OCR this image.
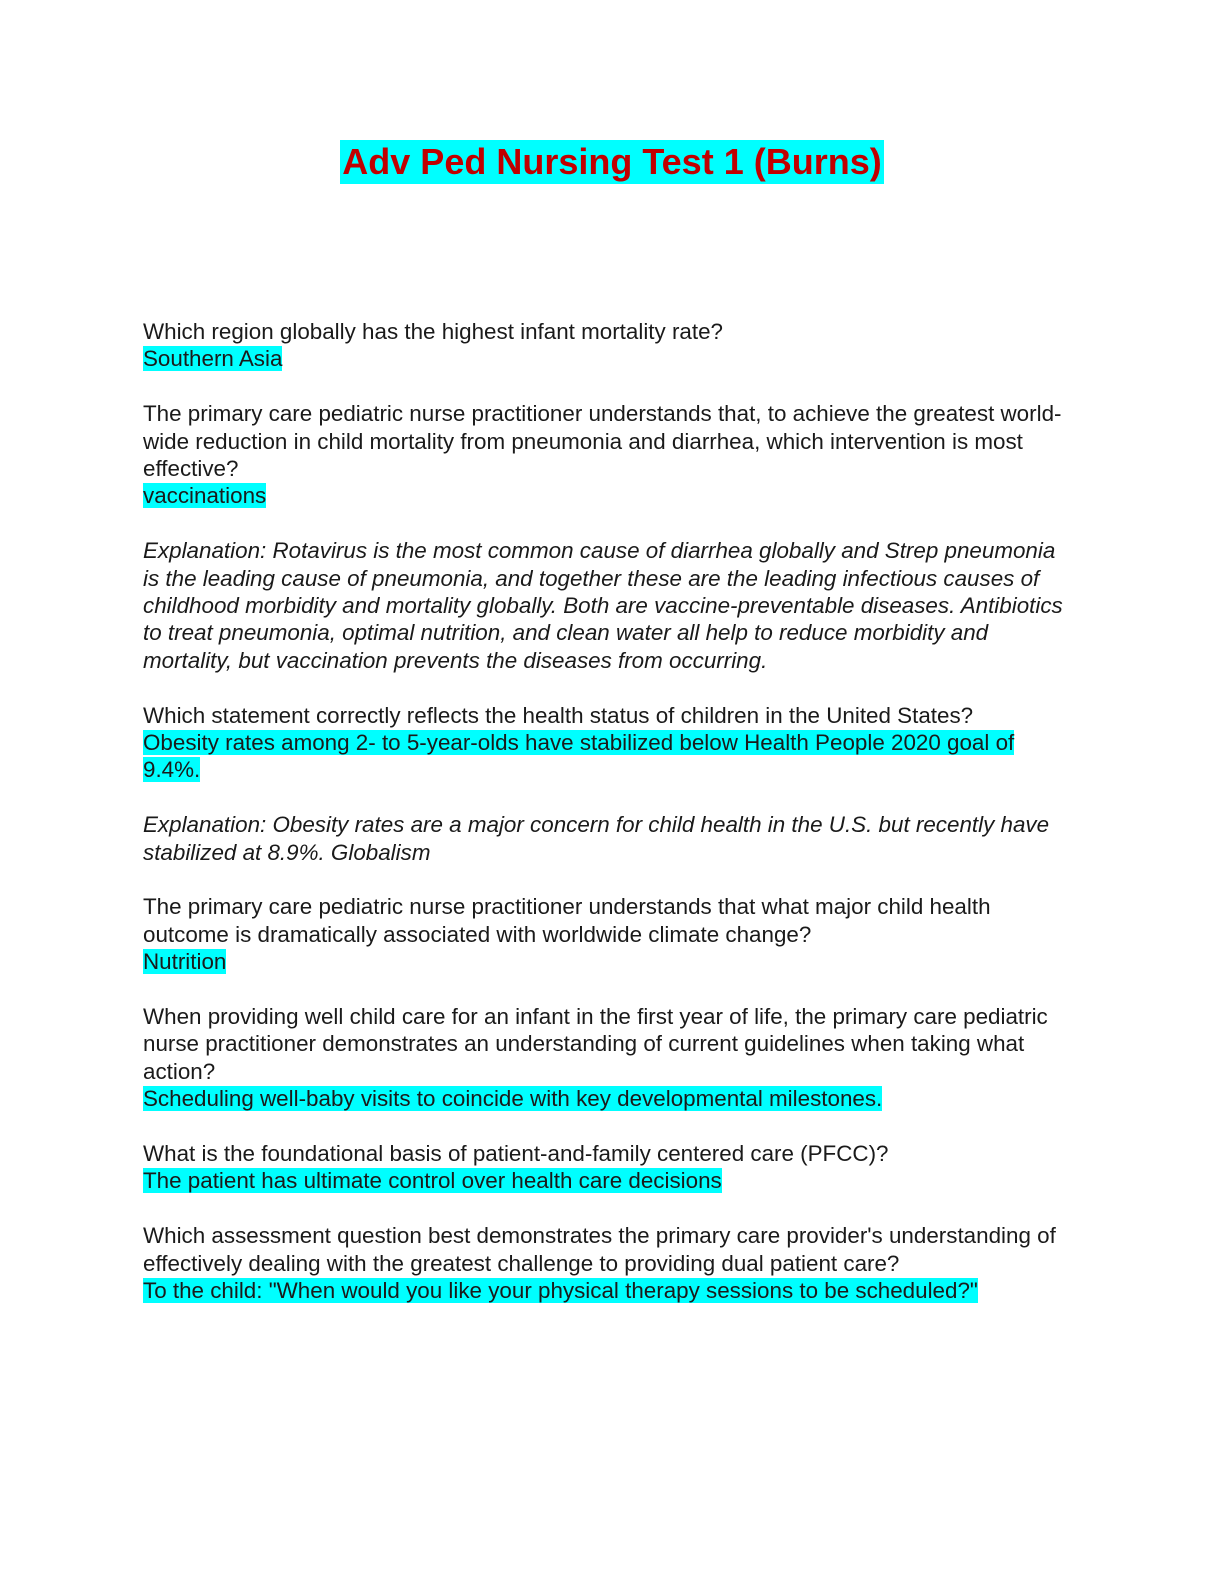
Adv Ped Nursing Test 1 (Burns)
Which region globally has the highest infant mortality rate?
Southern Asia
The primary care pediatric nurse practitioner understands that, to achieve the greatest world-wide reduction in child mortality from pneumonia and diarrhea, which intervention is most effective?
vaccinations
Explanation: Rotavirus is the most common cause of diarrhea globally and Strep pneumonia is the leading cause of pneumonia, and together these are the leading infectious causes of childhood morbidity and mortality globally. Both are vaccine-preventable diseases. Antibiotics to treat pneumonia, optimal nutrition, and clean water all help to reduce morbidity and mortality, but vaccination prevents the diseases from occurring.
Which statement correctly reflects the health status of children in the United States?
Obesity rates among 2- to 5-year-olds have stabilized below Health People 2020 goal of 9.4%.
Explanation: Obesity rates are a major concern for child health in the U.S. but recently have stabilized at 8.9%. Globalism
The primary care pediatric nurse practitioner understands that what major child health outcome is dramatically associated with worldwide climate change?
Nutrition
When providing well child care for an infant in the first year of life, the primary care pediatric nurse practitioner demonstrates an understanding of current guidelines when taking what action?
Scheduling well-baby visits to coincide with key developmental milestones.
What is the foundational basis of patient-and-family centered care (PFCC)?
The patient has ultimate control over health care decisions
Which assessment question best demonstrates the primary care provider's understanding of effectively dealing with the greatest challenge to providing dual patient care?
To the child: "When would you like your physical therapy sessions to be scheduled?"
